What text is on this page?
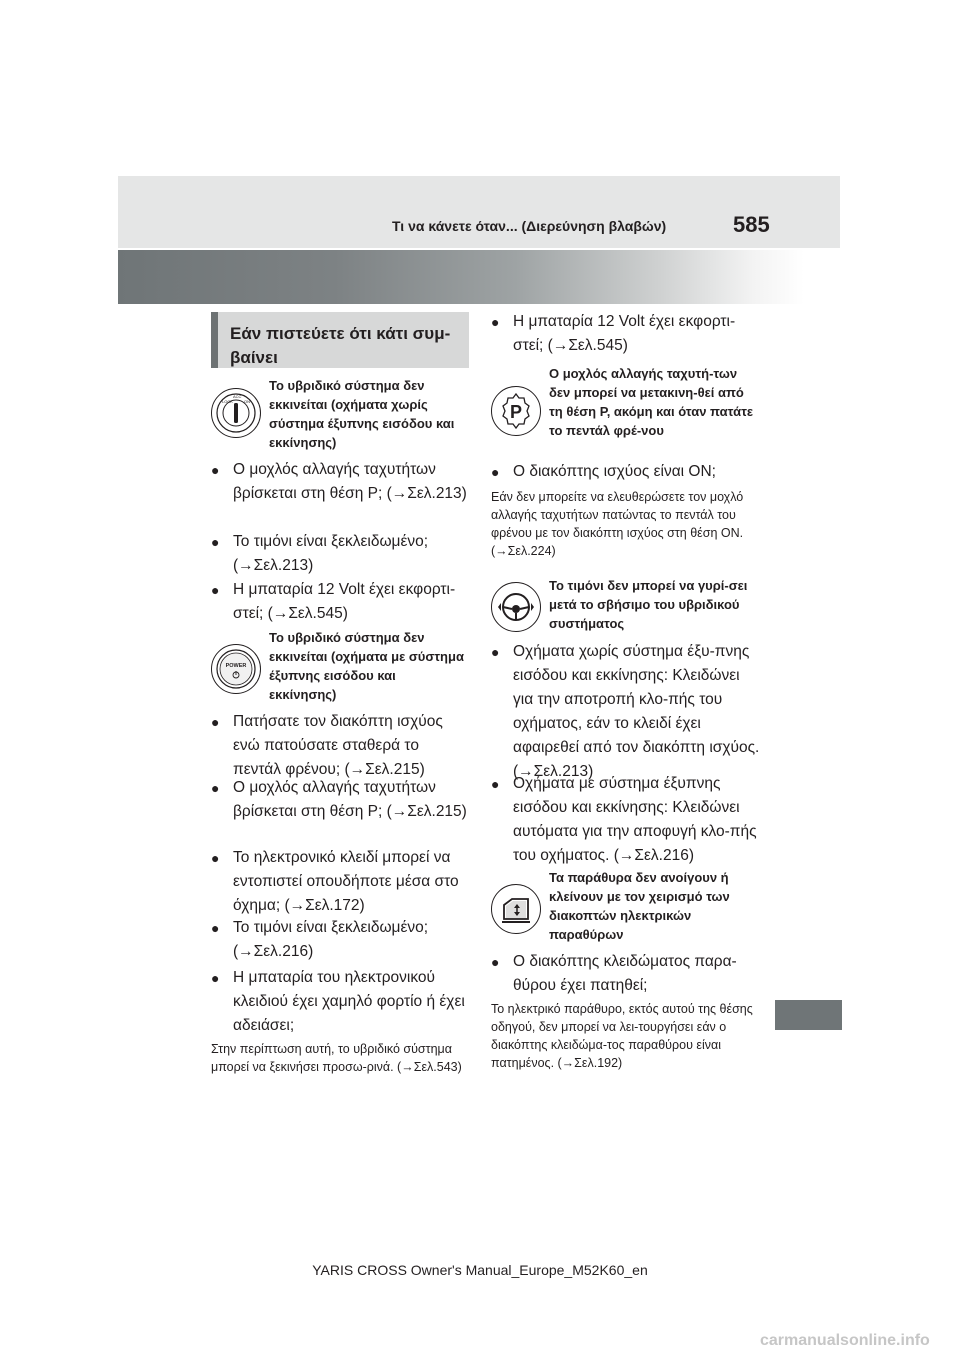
Τι να κάνετε όταν... (Διερεύνηση βλαβών)	585
Εάν πιστεύετε ότι κάτι συμ-βαίνει
LOCK
ACC
ON
Το υβριδικό σύστημα δεν εκκινείται (οχήματα χωρίς σύστημα έξυπνης εισόδου και εκκίνησης)
● Ο μοχλός αλλαγής ταχυτήτων βρίσκεται στη θέση P; (→Σελ.213)
● Το τιμόνι είναι ξεκλειδωμένο; (→Σελ.213)
● Η μπαταρία 12 Volt έχει εκφορτι-στεί; (→Σελ.545)
POWER
Το υβριδικό σύστημα δεν εκκινείται (οχήματα με σύστημα έξυπνης εισόδου και εκκίνησης)
● Πατήσατε τον διακόπτη ισχύος ενώ πατούσατε σταθερά το πεντάλ φρένου; (→Σελ.215)
● Ο μοχλός αλλαγής ταχυτήτων βρίσκεται στη θέση P; (→Σελ.215)
● Το ηλεκτρονικό κλειδί μπορεί να εντοπιστεί οπουδήποτε μέσα στο όχημα; (→Σελ.172)
● Το τιμόνι είναι ξεκλειδωμένο; (→Σελ.216)
● Η μπαταρία του ηλεκτρονικού κλειδιού έχει χαμηλό φορτίο ή έχει αδειάσει;
Στην περίπτωση αυτή, το υβριδικό σύστημα μπορεί να ξεκινήσει προσω-ρινά. (→Σελ.543)
● Η μπαταρία 12 Volt έχει εκφορτι-στεί; (→Σελ.545)
P
Ο μοχλός αλλαγής ταχυτή-των δεν μπορεί να μετακινη-θεί από τη θέση P, ακόμη και όταν πατάτε το πεντάλ φρέ-νου
● Ο διακόπτης ισχύος είναι ON;
Εάν δεν μπορείτε να ελευθερώσετε τον μοχλό αλλαγής ταχυτήτων πατώντας το πεντάλ του φρένου με τον διακόπτη ισχύος στη θέση ON. (→Σελ.224)
Το τιμόνι δεν μπορεί να γυρί-σει μετά το σβήσιμο του υβριδικού συστήματος
● Οχήματα χωρίς σύστημα έξυ-πνης εισόδου και εκκίνησης: Κλειδώνει για την αποτροπή κλο-πής του οχήματος, εάν το κλειδί έχει αφαιρεθεί από τον διακόπτη ισχύος. (→Σελ.213)
● Οχήματα με σύστημα έξυπνης εισόδου και εκκίνησης: Κλειδώνει αυτόματα για την αποφυγή κλο-πής του οχήματος. (→Σελ.216)
Τα παράθυρα δεν ανοίγουν ή κλείνουν με τον χειρισμό των διακοπτών ηλεκτρικών παραθύρων
● Ο διακόπτης κλειδώματος παρα-θύρου έχει πατηθεί;
Το ηλεκτρικό παράθυρο, εκτός αυτού της θέσης οδηγού, δεν μπορεί να λει-τουργήσει εάν ο διακόπτης κλειδώμα-τος παραθύρου είναι πατημένος. (→Σελ.192)
YARIS CROSS Owner's Manual_Europe_M52K60_en
carmanualsonline.info
